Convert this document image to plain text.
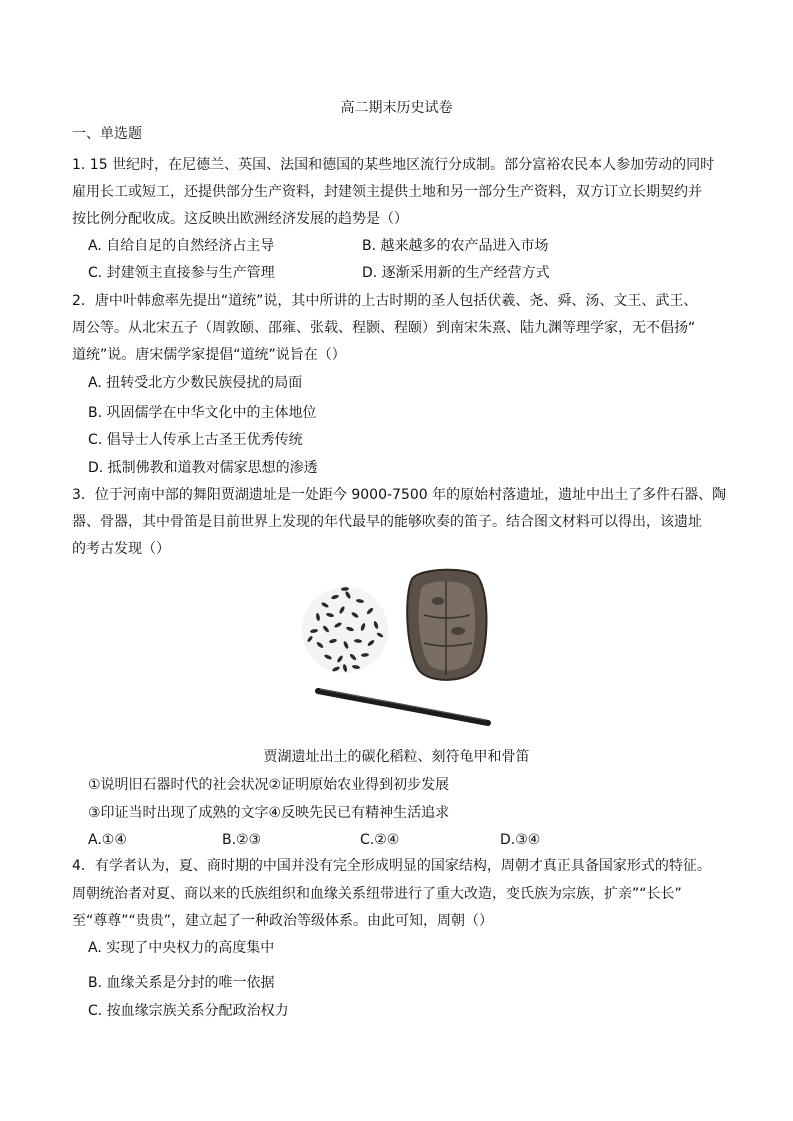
高二期末历史试卷
一、单选题
1. 15 世纪时，在尼德兰、英国、法国和德国的某些地区流行分成制。部分富裕农民本人参加劳动的同时
雇用长工或短工，还提供部分生产资料，封建领主提供土地和另一部分生产资料，双方订立长期契约并
按比例分配收成。这反映出欧洲经济发展的趋势是（）
A. 自给自足的自然经济占主导	B. 越来越多的农产品进入市场
C. 封建领主直接参与生产管理	D. 逐渐采用新的生产经营方式
2．唐中叶韩愈率先提出“道统”说，其中所讲的上古时期的圣人包括伏羲、尧、舜、汤、文王、武王、
周公等。从北宋五子（周敦颐、邵雍、张载、程颢、程颐）到南宋朱熹、陆九渊等理学家，无不倡扬“
道统”说。唐宋儒学家提倡“道统”说旨在（）
A. 扭转受北方少数民族侵扰的局面
B. 巩固儒学在中华文化中的主体地位
C. 倡导士人传承上古圣王优秀传统
D. 抵制佛教和道教对儒家思想的渗透
3．位于河南中部的舞阳贾湖遗址是一处距今 9000-7500 年的原始村落遗址，遗址中出土了多件石器、陶
器、骨器，其中骨笛是目前世界上发现的年代最早的能够吹奏的笛子。结合图文材料可以得出，该遗址
的考古发现（）
贾湖遗址出土的碳化稻粒、刻符龟甲和骨笛
①说明旧石器时代的社会状况②证明原始农业得到初步发展
③印证当时出现了成熟的文字④反映先民已有精神生活追求
A.①④	B.②③	C.②④	D.③④
4．有学者认为，夏、商时期的中国并没有完全形成明显的国家结构，周朝才真正具备国家形式的特征。
周朝统治者对夏、商以来的氏族组织和血缘关系纽带进行了重大改造，变氏族为宗族，扩亲”“长长”
至“尊尊”“贵贵”，建立起了一种政治等级体系。由此可知，周朝（）
A. 实现了中央权力的高度集中
B. 血缘关系是分封的唯一依据
C. 按血缘宗族关系分配政治权力
